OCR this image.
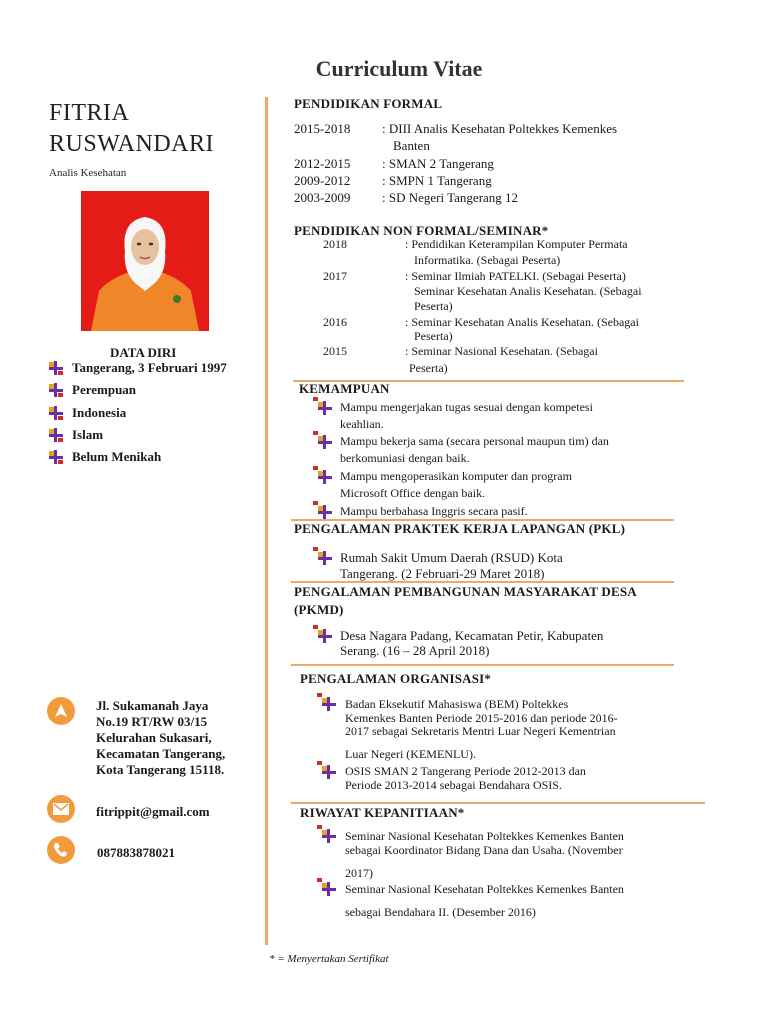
Curriculum Vitae
FITRIA
RUSWANDARI
Analis Kesehatan
DATA DIRI
Tangerang, 3 Februari 1997
Perempuan
Indonesia
Islam
Belum Menikah
Jl. Sukamanah Jaya
No.19 RT/RW 03/15
Kelurahan Sukasari,
Kecamatan Tangerang,
Kota Tangerang 15118.
fitrippit@gmail.com
087883878021
PENDIDIKAN FORMAL
2015-2018 : DIII Analis Kesehatan Poltekkes Kemenkes
Banten
2012-2015 : SMAN 2 Tangerang
2009-2012 : SMPN 1 Tangerang
2003-2009 : SD Negeri Tangerang 12
PENDIDIKAN NON FORMAL/SEMINAR*
2018	: Pendidikan Keterampilan Komputer Permata
Informatika. (Sebagai Peserta)
2017	: Seminar Ilmiah PATELKI. (Sebagai Peserta)
Seminar Kesehatan Analis Kesehatan. (Sebagai
Peserta)
2016	: Seminar Kesehatan Analis Kesehatan. (Sebagai
Peserta)
2015	: Seminar Nasional Kesehatan. (Sebagai
Peserta)
KEMAMPUAN
Mampu mengerjakan tugas sesuai dengan kompetesi
keahlian.
Mampu bekerja sama (secara personal maupun tim) dan
berkomuniasi dengan baik.
Mampu mengoperasikan komputer dan program
Microsoft Office dengan baik.
Mampu berbahasa Inggris secara pasif.
PENGALAMAN PRAKTEK KERJA LAPANGAN (PKL)
Rumah Sakit Umum Daerah (RSUD) Kota
Tangerang. (2 Februari-29 Maret 2018)
PENGALAMAN PEMBANGUNAN MASYARAKAT DESA
(PKMD)
Desa Nagara Padang, Kecamatan Petir, Kabupaten
Serang. (16 – 28 April 2018)
PENGALAMAN ORGANISASI*
Badan Eksekutif Mahasiswa (BEM) Poltekkes
Kemenkes Banten Periode 2015-2016 dan periode 2016-
2017 sebagai Sekretaris Mentri Luar Negeri Kementrian
Luar Negeri (KEMENLU).
OSIS SMAN 2 Tangerang Periode 2012-2013 dan
Periode 2013-2014 sebagai Bendahara OSIS.
RIWAYAT KEPANITIAAN*
Seminar Nasional Kesehatan Poltekkes Kemenkes Banten
sebagai Koordinator Bidang Dana dan Usaha. (November
2017)
Seminar Nasional Kesehatan Poltekkes Kemenkes Banten
sebagai Bendahara II. (Desember 2016)
* = Menyertakan Sertifikat
